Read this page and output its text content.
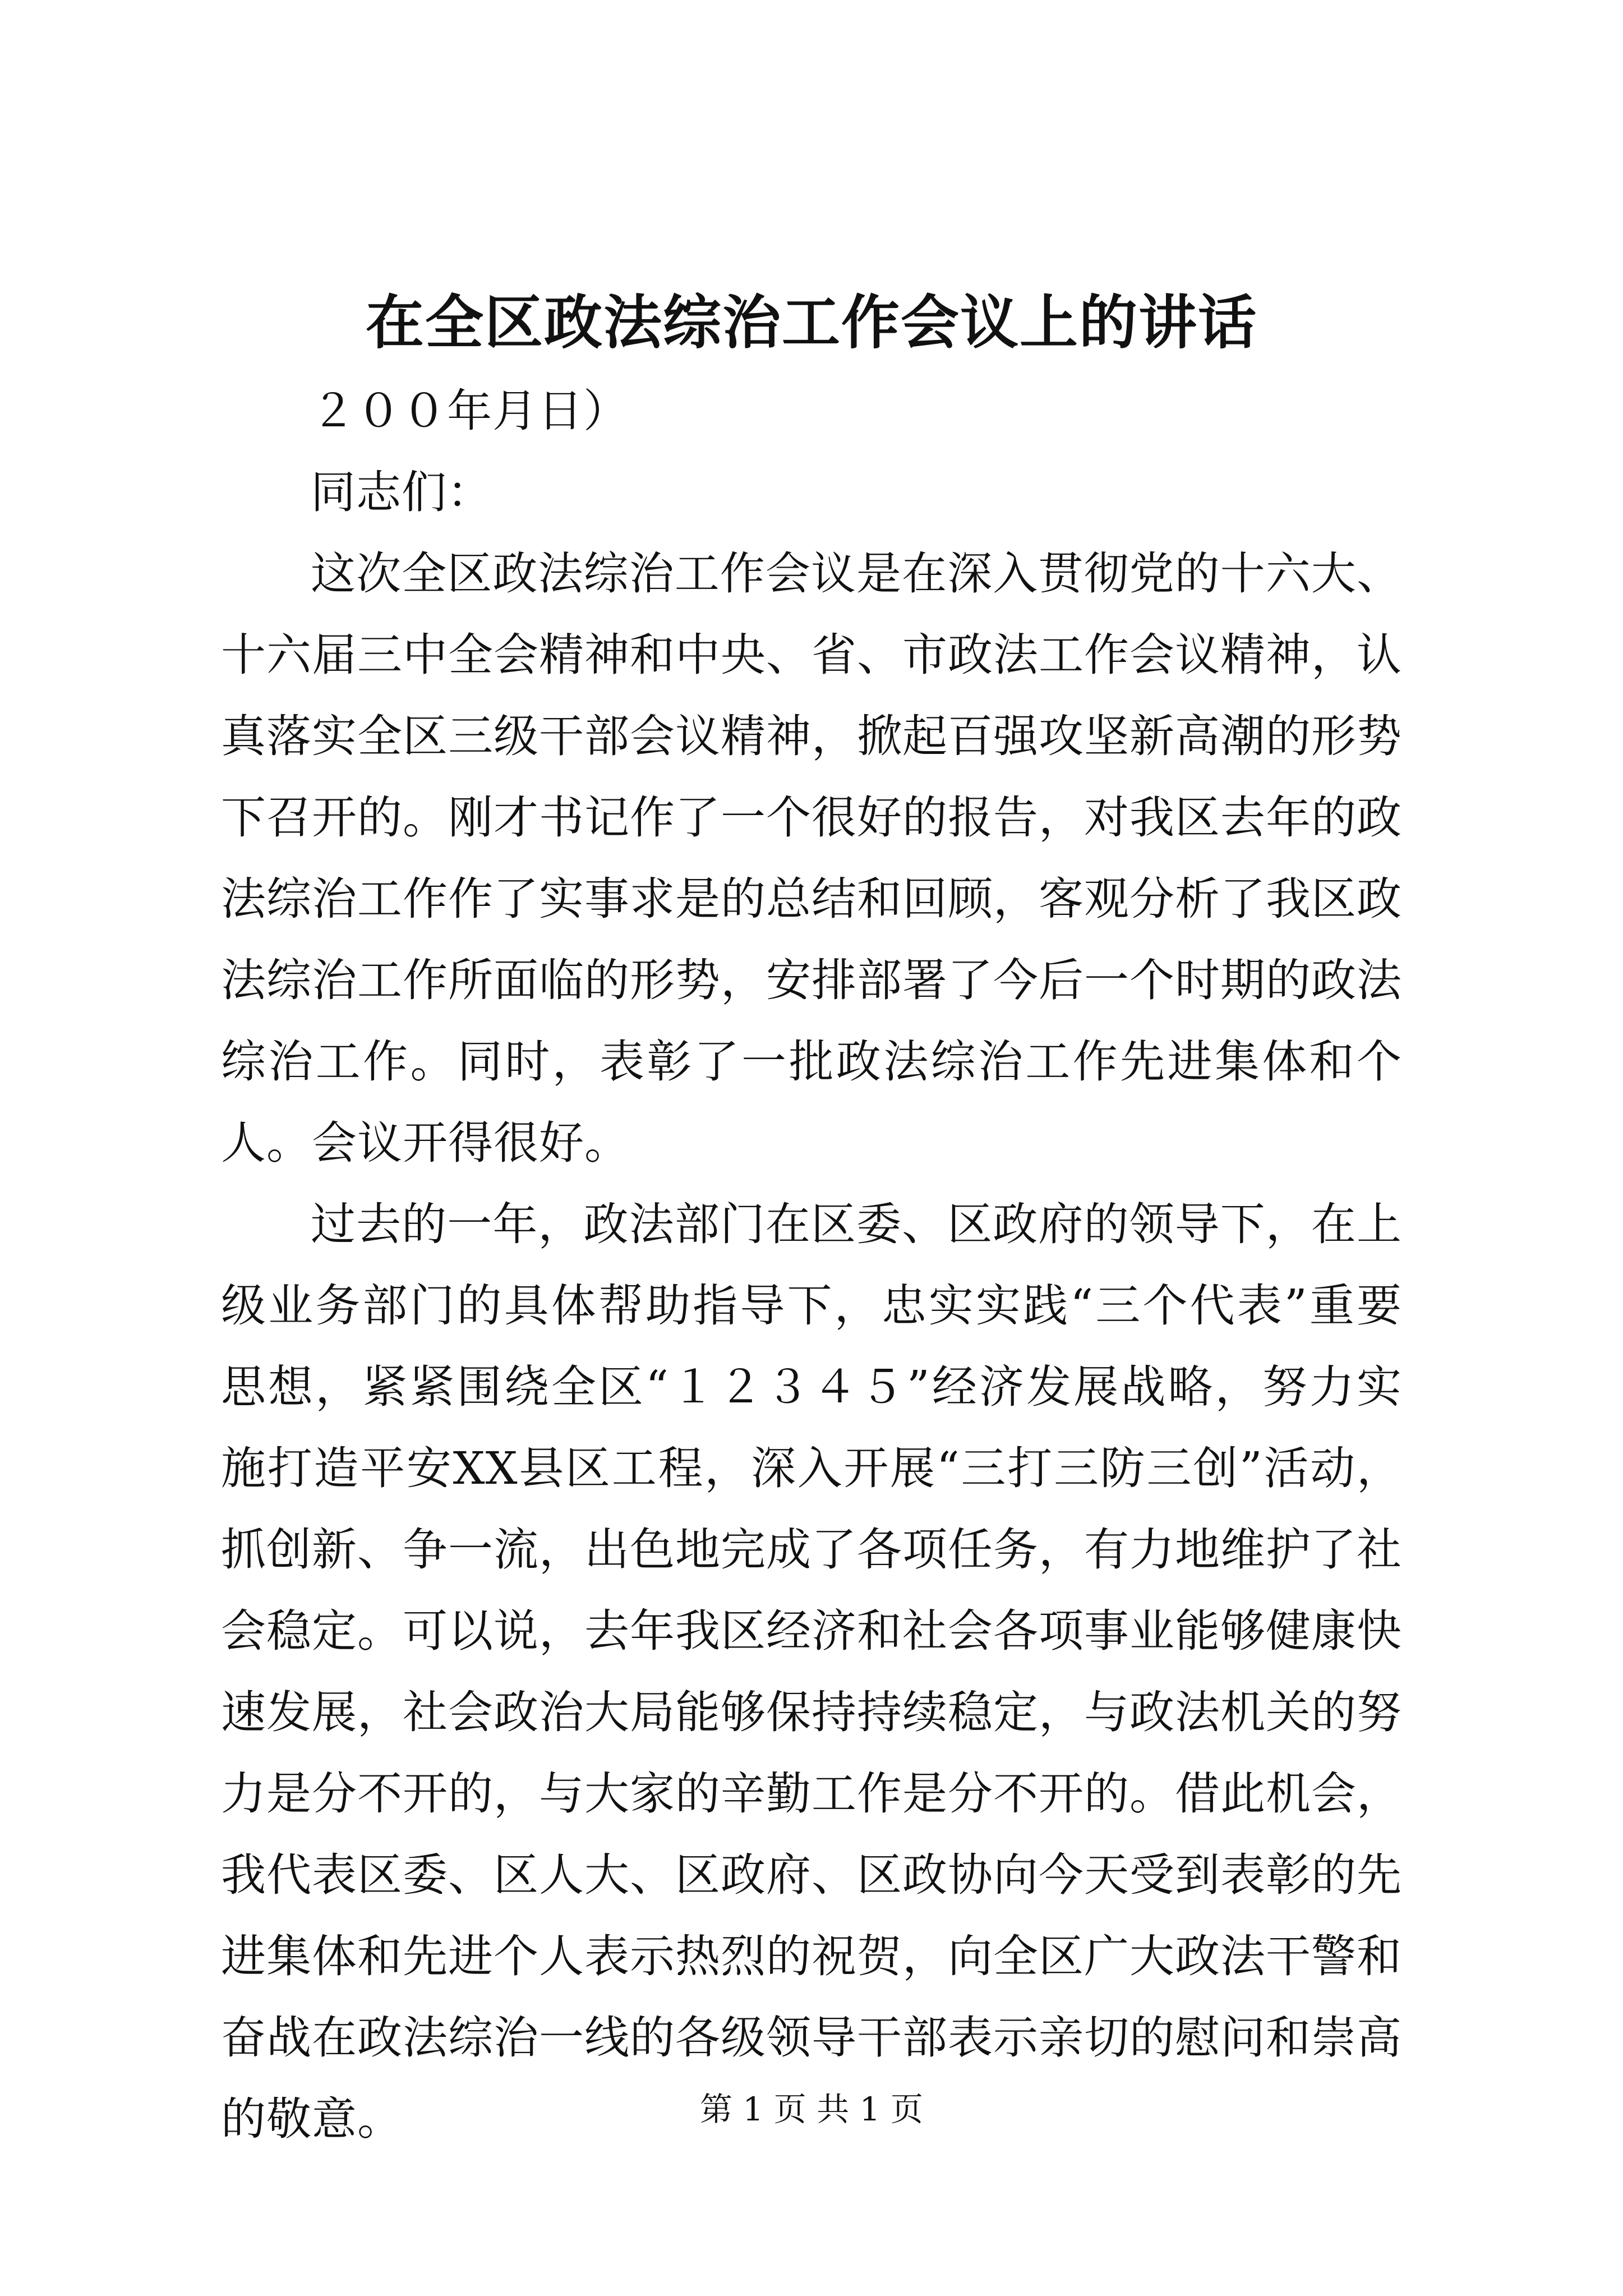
在全区政法综治工作会议上的讲话

２００年月日）

同志们：

这次全区政法综治工作会议是在深入贯彻党的十六大、十六届三中全会精神和中央、省、市政法工作会议精神，认真落实全区三级干部会议精神，掀起百强攻坚新高潮的形势下召开的。刚才书记作了一个很好的报告，对我区去年的政法综治工作作了实事求是的总结和回顾，客观分析了我区政法综治工作所面临的形势，安排部署了今后一个时期的政法综治工作。同时，表彰了一批政法综治工作先进集体和个人。会议开得很好。

过去的一年，政法部门在区委、区政府的领导下，在上级业务部门的具体帮助指导下，忠实实践“三个代表”重要思想，紧紧围绕全区“１２３４５”经济发展战略，努力实施打造平安XX县区工程，深入开展“三打三防三创”活动，抓创新、争一流，出色地完成了各项任务，有力地维护了社会稳定。可以说，去年我区经济和社会各项事业能够健康快速发展，社会政治大局能够保持持续稳定，与政法机关的努力是分不开的，与大家的辛勤工作是分不开的。借此机会，我代表区委、区人大、区政府、区政协向今天受到表彰的先进集体和先进个人表示热烈的祝贺，向全区广大政法干警和奋战在政法综治一线的各级领导干部表示亲切的慰问和崇高的敬意。	第 1 页 共 1 页
